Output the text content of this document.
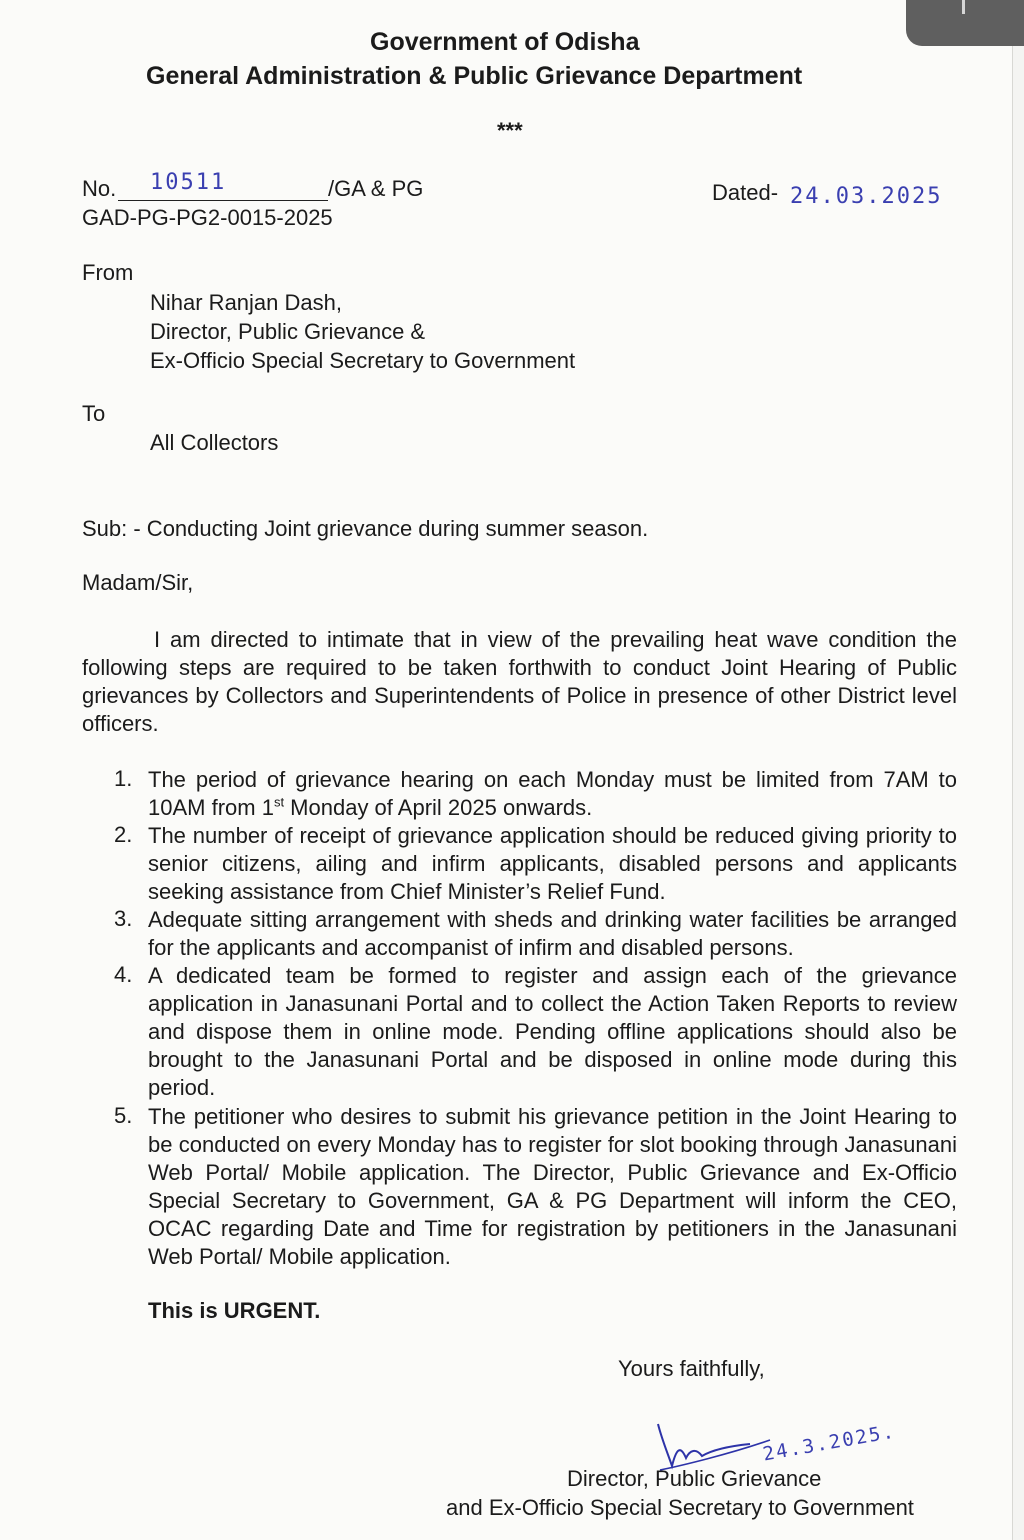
Government of Odisha
General Administration & Public Grievance Department
***
No. 10511	/GA & PG
GAD-PG-PG2-0015-2025
Dated- 24.03.2025
From
Nihar Ranjan Dash,
Director, Public Grievance &
Ex-Officio Special Secretary to Government
To
All Collectors
Sub: - Conducting Joint grievance during summer season.
Madam/Sir,
I am directed to intimate that in view of the prevailing heat wave condition the following steps are required to be taken forthwith to conduct Joint Hearing of Public grievances by Collectors and Superintendents of Police in presence of other District level officers.
1. The period of grievance hearing on each Monday must be limited from 7AM to 10AM from 1st Monday of April 2025 onwards.
2. The number of receipt of grievance application should be reduced giving priority to senior citizens, ailing and infirm applicants, disabled persons and applicants seeking assistance from Chief Minister’s Relief Fund.
3. Adequate sitting arrangement with sheds and drinking water facilities be arranged for the applicants and accompanist of infirm and disabled persons.
4. A dedicated team be formed to register and assign each of the grievance application in Janasunani Portal and to collect the Action Taken Reports to review and dispose them in online mode. Pending offline applications should also be brought to the Janasunani Portal and be disposed in online mode during this period.
5. The petitioner who desires to submit his grievance petition in the Joint Hearing to be conducted on every Monday has to register for slot booking through Janasunani Web Portal/ Mobile application. The Director, Public Grievance and Ex-Officio Special Secretary to Government, GA & PG Department will inform the CEO, OCAC regarding Date and Time for registration by petitioners in the Janasunani Web Portal/ Mobile application.
This is URGENT.
Yours faithfully,
24.3.2025.
Director, Public Grievance
and Ex-Officio Special Secretary to Government
